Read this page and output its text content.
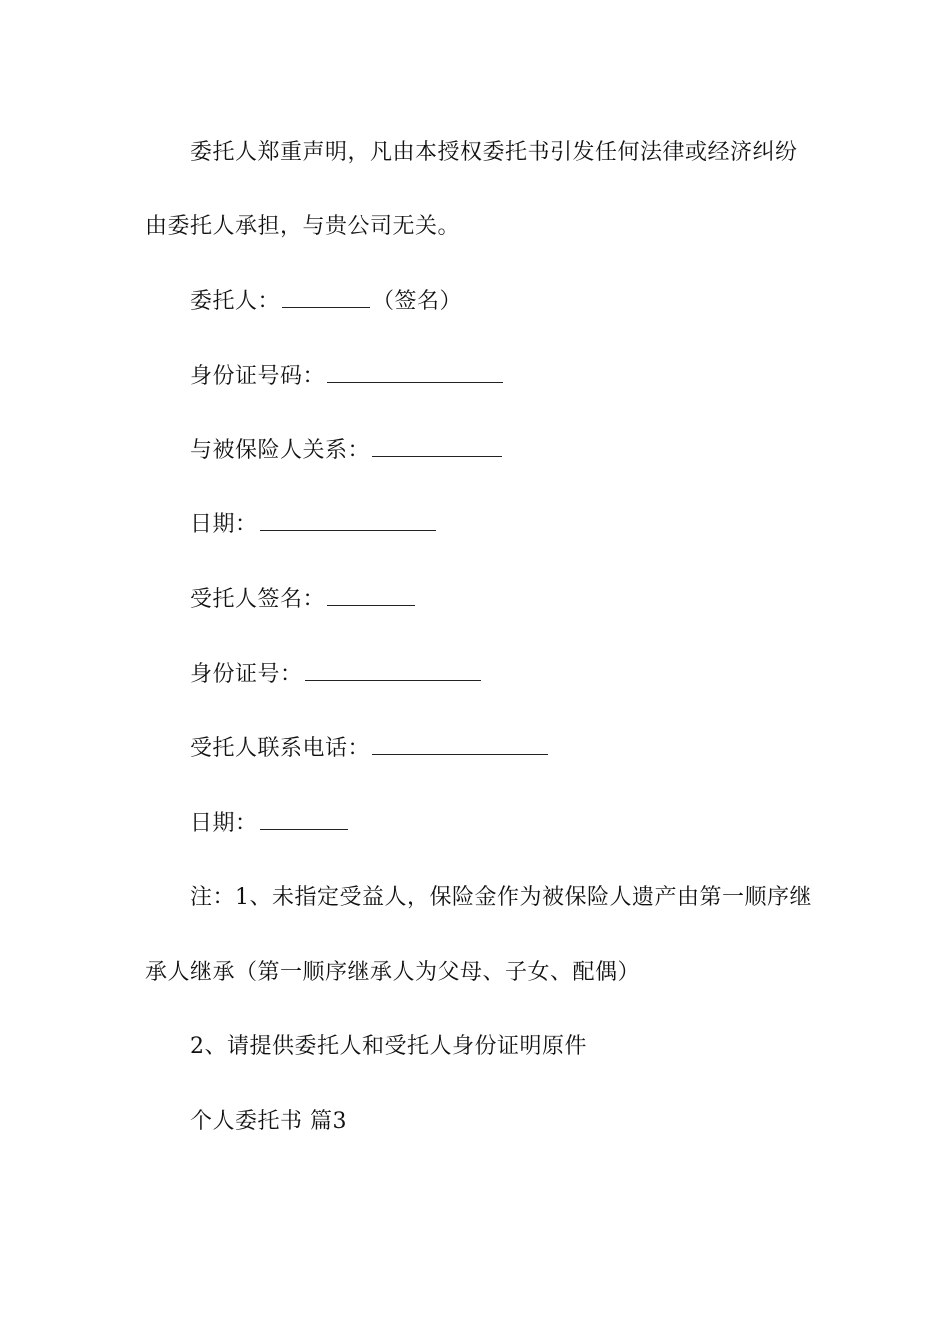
委托人郑重声明，凡由本授权委托书引发任何法律或经济纠纷
由委托人承担，与贵公司无关。
委托人：	（签名）
身份证号码：
与被保险人关系：
日期：
受托人签名：
身份证号：
受托人联系电话：
日期：
注：1、未指定受益人，保险金作为被保险人遗产由第一顺序继
承人继承（第一顺序继承人为父母、子女、配偶）
2、请提供委托人和受托人身份证明原件
个人委托书 篇3
